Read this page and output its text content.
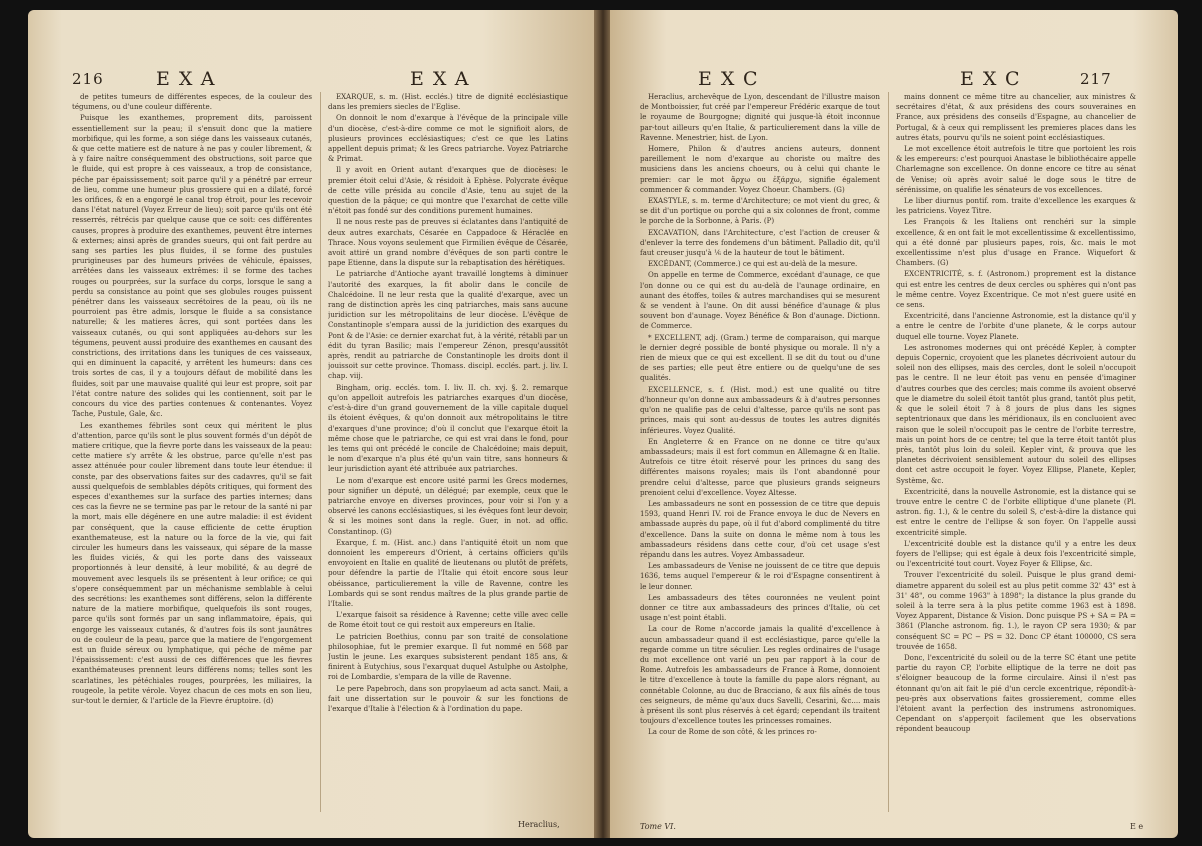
216	EXA	EXA

de petites tumeurs de différentes especes, de la couleur des tégumens, ou d'une couleur différente.

Puisque les exanthemes, proprement dits, paroissent essentiellement sur la peau; il s'ensuit donc que la matiere morbifique, qui les forme, a son siége dans les vaisseaux cutanés, & que cette matiere est de nature à ne pas y couler librement, & à y faire naître conséquemment des obstructions, soit parce que le fluide, qui est propre à ces vaisseaux, a trop de consistance, péche par épaississement; soit parce qu'il y a pénétré par erreur de lieu, comme une humeur plus grossiere qui en a dilaté, forcé les orifices, & en a engorgé le canal trop étroit, pour les recevoir dans l'état naturel (Voyez Erreur de lieu); soit parce qu'ils ont été resserrés, rétrécis par quelque cause que ce soit: ces différentes causes, propres à produire des exanthemes, peuvent être internes & externes; ainsi après de grandes sueurs, qui ont fait perdre au sang ses parties les plus fluides, il se forme des pustules prurigineuses par des humeurs privées de véhicule, épaisses, arrêtées dans les vaisseaux extrêmes: il se forme des taches rouges ou pourprées, sur la surface du corps, lorsque le sang a perdu sa consistance au point que ses globules rouges puissent pénétrer dans les vaisseaux secrétoires de la peau, où ils ne pourroient pas être admis, lorsque le fluide a sa consistance naturelle; & les matieres âcres, qui sont portées dans les vaisseaux cutanés, ou qui sont appliquées au-dehors sur les tégumens, peuvent aussi produire des exanthemes en causant des constrictions, des irritations dans les tuniques de ces vaisseaux, qui en diminuent la capacité, y arrêtent les humeurs: dans ces trois sortes de cas, il y a toujours défaut de mobilité dans les fluides, soit par une mauvaise qualité qui leur est propre, soit par l'état contre nature des solides qui les contiennent, soit par le concours du vice des parties contenues & contenantes. Voyez Tache, Pustule, Gale, &c.

Les exanthemes fébriles sont ceux qui méritent le plus d'attention, parce qu'ils sont le plus souvent formés d'un dépôt de matiere critique, que la fievre porte dans les vaisseaux de la peau: cette matiere s'y arrête & les obstrue, parce qu'elle n'est pas assez atténuée pour couler librement dans toute leur étendue: il conste, par des observations faites sur des cadavres, qu'il se fait aussi quelquefois de semblables dépôts critiques, qui forment des especes d'exanthemes sur la surface des parties internes; dans ces cas la fievre ne se termine pas par le retour de la santé ni par la mort, mais elle dégénere en une autre maladie: il est évident par conséquent, que la cause efficiente de cette éruption exanthemateuse, est la nature ou la force de la vie, qui fait circuler les humeurs dans les vaisseaux, qui sépare de la masse les fluides viciés, & qui les porte dans des vaisseaux proportionnés à leur densité, à leur mobilité, & au degré de mouvement avec lesquels ils se présentent à leur orifice; ce qui s'opere conséquemment par un méchanisme semblable à celui des secrétions: les exanthemes sont différens, selon la différente nature de la matiere morbifique, quelquefois ils sont rouges, parce qu'ils sont formés par un sang inflammatoire, épais, qui engorge les vaisseaux cutanés, & d'autres fois ils sont jaunâtres ou de couleur de la peau, parce que la matiere de l'engorgement est un fluide séreux ou lymphatique, qui péche de même par l'épaississement: c'est aussi de ces différences que les fievres exanthémateuses prennent leurs différens noms; telles sont les scarlatines, les pétéchiales rouges, pourprées, les miliaires, la rougeole, la petite vérole. Voyez chacun de ces mots en son lieu, sur-tout le dernier, & l'article de la Fievre éruptoire. (d)

EXARQUE, s. m. (Hist. ecclés.) titre de dignité ecclésiastique dans les premiers siecles de l'Eglise.

On donnoit le nom d'exarque à l'évêque de la principale ville d'un diocèse, c'est-à-dire comme ce mot le signifioit alors, de plusieurs provinces ecclésiastiques; c'est ce que les Latins appellent depuis primat; & les Grecs patriarche. Voyez Patriarche & Primat.

Il y avoit en Orient autant d'exarques que de diocèses: le premier étoit celui d'Asie, & résidoit à Ephèse. Polycrate évêque de cette ville présida au concile d'Asie, tenu au sujet de la question de la pâque; ce qui montre que l'exarchat de cette ville n'étoit pas fondé sur des conditions purement humaines.

Il ne nous reste pas de preuves si éclatantes dans l'antiquité de deux autres exarchats, Césarée en Cappadoce & Héraclée en Thrace. Nous voyons seulement que Firmilien évêque de Césarée, avoit attiré un grand nombre d'évêques de son parti contre le pape Etienne, dans la dispute sur la rebaptisation des hérétiques.

Le patriarche d'Antioche ayant travaillé longtems à diminuer l'autorité des exarques, la fit abolir dans le concile de Chalcédoine. Il ne leur resta que la qualité d'exarque, avec un rang de distinction après les cinq patriarches, mais sans aucune juridiction sur les métropolitains de leur diocèse. L'évêque de Constantinople s'empara aussi de la juridiction des exarques du Pont & de l'Asie: ce dernier exarchat fut, à la vérité, rétabli par un édit du tyran Basilic; mais l'empereur Zénon, presqu'aussitôt après, rendit au patriarche de Constantinople les droits dont il jouissoit sur cette province. Thomass. discipl. ecclés. part. j. liv. I. chap. viij.

Bingham, orig. ecclés. tom. I. liv. II. ch. xvj. §. 2. remarque qu'on appelloit autrefois les patriarches exarques d'un diocèse, c'est-à-dire d'un grand gouvernement de la ville capitale duquel ils étoient évêques, & qu'on donnoit aux métropolitains le titre d'exarques d'une province; d'où il conclut que l'exarque étoit la même chose que le patriarche, ce qui est vrai dans le fond, pour les tems qui ont précédé le concile de Chalcédoine; mais depuit, le nom d'exarque n'a plus été qu'un vain titre, sans honneurs & leur jurisdiction ayant été attribuée aux patriarches.

Le nom d'exarque est encore usité parmi les Grecs modernes, pour signifier un député, un délégué; par exemple, ceux que le patriarche envoye en diverses provinces, pour voir si l'on y a observé les canons ecclésiastiques, si les évêques font leur devoir, & si les moines sont dans la regle. Guer, in not. ad offic. Constantinop. (G)

Exarque, f. m. (Hist. anc.) dans l'antiquité étoit un nom que donnoient les empereurs d'Orient, à certains officiers qu'ils envoyoient en Italie en qualité de lieutenans ou plutôt de préfets, pour défendre la partie de l'Italie qui étoit encore sous leur obéissance, particulierement la ville de Ravenne, contre les Lombards qui se sont rendus maîtres de la plus grande partie de l'Italie.

L'exarque faisoit sa résidence à Ravenne; cette ville avec celle de Rome étoit tout ce qui restoit aux empereurs en Italie.

Le patricien Boethius, connu par son traité de consolatione philosophiae, fut le premier exarque. Il fut nommé en 568 par Justin le jeune. Les exarques subsisterent pendant 185 ans, & finirent à Eutychius, sous l'exarquat duquel Astulphe ou Astolphe, roi de Lombardie, s'empara de la ville de Ravenne.

Le pere Papebroch, dans son propylaeum ad acta sanct. Maii, a fait une dissertation sur le pouvoir & sur les fonctions de l'exarque d'Italie à l'élection & à l'ordination du pape.

Heraclius,
EXC	EXC	217

Heraclius, archevêque de Lyon, descendant de l'illustre maison de Montboissier, fut créé par l'empereur Frédéric exarque de tout le royaume de Bourgogne; dignité qui jusque-là étoit inconnue par-tout ailleurs qu'en Italie, & particulierement dans la ville de Ravenne. Menestrier, hist. de Lyon.

Homere, Philon & d'autres anciens auteurs, donnent pareillement le nom d'exarque au choriste ou maître des musiciens dans les anciens choeurs, ou à celui qui chante le premier: car le mot ἄρχω ou ἐξάρχω, signifie également commencer & commander. Voyez Choeur. Chambers. (G)

EXASTYLE, s. m. terme d'Architecture; ce mot vient du grec, & se dit d'un portique ou porche qui a six colonnes de front, comme le porche de la Sorbonne, à Paris. (P)

EXCAVATION, dans l'Architecture, c'est l'action de creuser & d'enlever la terre des fondemens d'un bâtiment. Palladio dit, qu'il faut creuser jusqu'à ⅙ de la hauteur de tout le bâtiment.

EXCÉDANT, (Commerce.) ce qui est au-delà de la mesure.

On appelle en terme de Commerce, excédant d'aunage, ce que l'on donne ou ce qui est du au-delà de l'aunage ordinaire, en aunant des étoffes, toiles & autres marchandises qui se mesurent & se vendent à l'aune. On dit aussi bénéfice d'aunage & plus souvent bon d'aunage. Voyez Bénéfice & Bon d'aunage. Dictionn. de Commerce.

* EXCELLENT, adj. (Gram.) terme de comparaison, qui marque le dernier degré possible de bonté physique ou morale. Il n'y a rien de mieux que ce qui est excellent. Il se dit du tout ou d'une de ses parties; elle peut être entiere ou de quelqu'une de ses qualités.

EXCELLENCE, s. f. (Hist. mod.) est une qualité ou titre d'honneur qu'on donne aux ambassadeurs & à d'autres personnes qu'on ne qualifie pas de celui d'altesse, parce qu'ils ne sont pas princes, mais qui sont au-dessus de toutes les autres dignités inférieures. Voyez Qualité.

En Angleterre & en France on ne donne ce titre qu'aux ambassadeurs; mais il est fort commun en Allemagne & en Italie. Autrefois ce titre étoit réservé pour les princes du sang des différentes maisons royales; mais ils l'ont abandonné pour prendre celui d'altesse, parce que plusieurs grands seigneurs prenoient celui d'excellence. Voyez Altesse.

Les ambassadeurs ne sont en possession de ce titre que depuis 1593, quand Henri IV. roi de France envoya le duc de Nevers en ambassade auprès du pape, où il fut d'abord complimenté du titre d'excellence. Dans la suite on donna le même nom à tous les ambassadeurs résidens dans cette cour, d'où cet usage s'est répandu dans les autres. Voyez Ambassadeur.

Les ambassadeurs de Venise ne jouissent de ce titre que depuis 1636, tems auquel l'empereur & le roi d'Espagne consentirent à le leur donner.

Les ambassadeurs des têtes couronnées ne veulent point donner ce titre aux ambassadeurs des princes d'Italie, où cet usage n'est point établi.

La cour de Rome n'accorde jamais la qualité d'excellence à aucun ambassadeur quand il est ecclésiastique, parce qu'elle la regarde comme un titre séculier. Les regles ordinaires de l'usage du mot excellence ont varié un peu par rapport à la cour de Rome. Autrefois les ambassadeurs de France à Rome, donnoient le titre d'excellence à toute la famille du pape alors régnant, au connétable Colonne, au duc de Bracciano, & aux fils aînés de tous ces seigneurs, de même qu'aux ducs Savelli, Cesarini, &c.... mais à présent ils sont plus réservés à cet égard; cependant ils traitent toujours d'excellence toutes les princesses romaines.

La cour de Rome de son côté, & les princes ro-

mains donnent ce même titre au chancelier, aux ministres & secrétaires d'état, & aux présidens des cours souveraines en France, aux présidens des conseils d'Espagne, au chancelier de Portugal, & à ceux qui remplissent les premieres places dans les autres états, pourvu qu'ils ne soient point ecclésiastiques.

Le mot excellence étoit autrefois le titre que portoient les rois & les empereurs: c'est pourquoi Anastase le bibliothécaire appelle Charlemagne son excellence. On donne encore ce titre au sénat de Venise; où après avoir salué le doge sous le titre de sérénissime, on qualifie les sénateurs de vos excellences.

Le liber diurnus pontif. rom. traite d'excellence les exarques & les patriciens. Voyez Titre.

Les François & les Italiens ont renchéri sur la simple excellence, & en ont fait le mot excellentissime & excellentissimo, qui a été donné par plusieurs papes, rois, &c. mais le mot excellentissime n'est plus d'usage en France. Wiquefort & Chambers. (G)

EXCENTRICITÉ, s. f. (Astronom.) proprement est la distance qui est entre les centres de deux cercles ou sphères qui n'ont pas le même centre. Voyez Excentrique. Ce mot n'est guere usité en ce sens.

Excentricité, dans l'ancienne Astronomie, est la distance qu'il y a entre le centre de l'orbite d'une planete, & le corps autour duquel elle tourne. Voyez Planete.

Les astronomes modernes qui ont précédé Kepler, à compter depuis Copernic, croyoient que les planetes décrivoient autour du soleil non des ellipses, mais des cercles, dont le soleil n'occupoit pas le centre. Il ne leur étoit pas venu en pensée d'imaginer d'autres courbes que des cercles; mais comme ils avoient observé que le diametre du soleil étoit tantôt plus grand, tantôt plus petit, & que le soleil étoit 7 à 8 jours de plus dans les signes septentrionaux que dans les méridionaux, ils en concluoient avec raison que le soleil n'occupoit pas le centre de l'orbite terrestre, mais un point hors de ce centre; tel que la terre étoit tantôt plus près, tantôt plus loin du soleil. Kepler vint, & prouva que les planetes décrivoient sensiblement autour du soleil des ellipses dont cet astre occupoit le foyer. Voyez Ellipse, Planete, Kepler, Système, &c.

Excentricité, dans la nouvelle Astronomie, est la distance qui se trouve entre le centre C de l'orbite elliptique d'une planete (Pl. astron. fig. 1.), & le centre du soleil S, c'est-à-dire la distance qui est entre le centre de l'ellipse & son foyer. On l'appelle aussi excentricité simple.

L'excentricité double est la distance qu'il y a entre les deux foyers de l'ellipse; qui est égale à deux fois l'excentricité simple, ou l'excentricité tout court. Voyez Foyer & Ellipse, &c.

Trouver l'excentricité du soleil. Puisque le plus grand demi-diametre apparent du soleil est au plus petit comme 32' 43" est à 31' 48", ou comme 1963" à 1898"; la distance la plus grande du soleil à la terre sera à la plus petite comme 1963 est à 1898. Voyez Apparent, Distance & Vision. Donc puisque PS + SA = PA = 3861 (Planche astronom. fig. 1.), le rayon CP sera 1930; & par conséquent SC = PC − PS = 32. Donc CP étant 100000, CS sera trouvée de 1658.

Donc, l'excentricité du soleil ou de la terre SC étant une petite partie du rayon CP, l'orbite elliptique de la terre ne doit pas s'éloigner beaucoup de la forme circulaire. Ainsi il n'est pas étonnant qu'on ait fait le pié d'un cercle excentrique, répondît-à-peu-près aux observations faites grossierement, comme elles l'étoient avant la perfection des instrumens astronomiques. Cependant on s'apperçoit facilement que les observations répondent beaucoup

Tome VI.	E e
